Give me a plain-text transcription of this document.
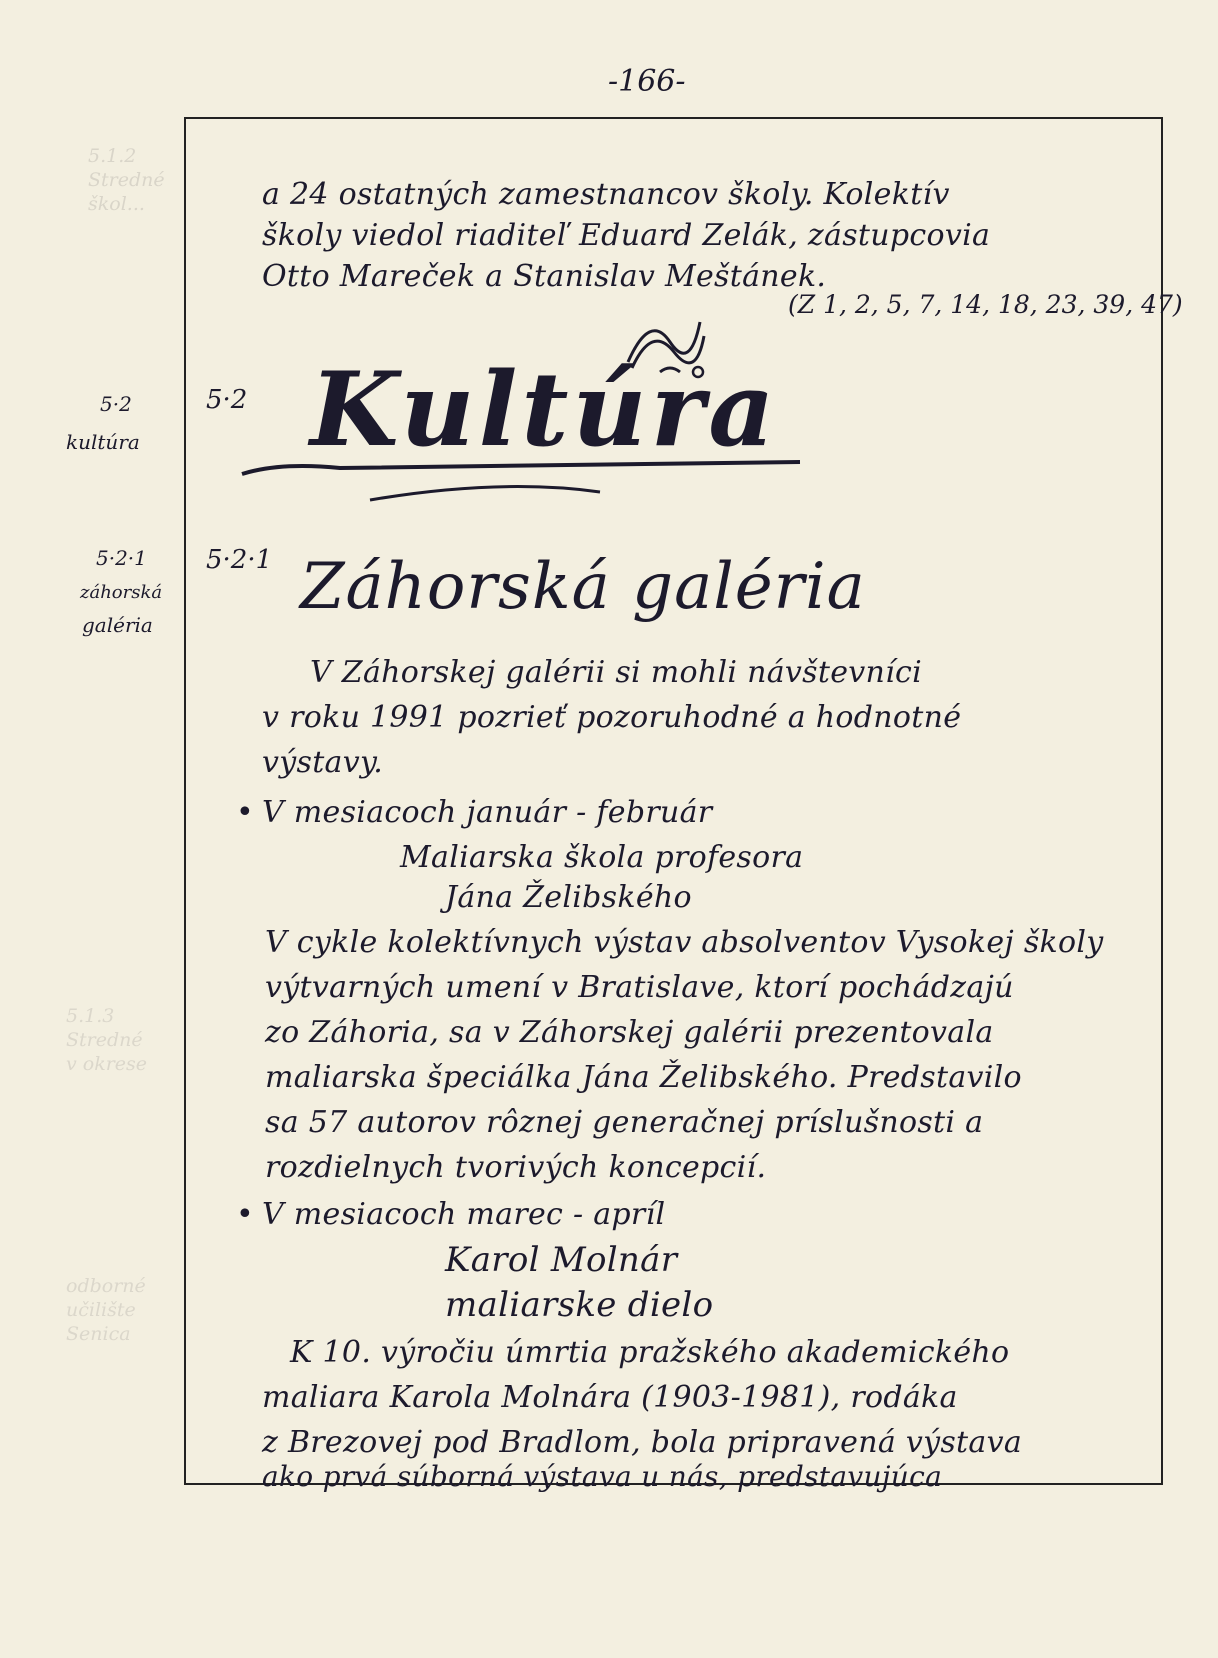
5.1.2
Stredné
škol...
5.1.3
Stredné
v okrese
odborné
učilište
Senica
-166-
5·2
kultúra
5·2·1
záhorská
galéria
a 24 ostatných zamestnancov školy. Kolektív
školy viedol riaditeľ Eduard Zelák, zástupcovia
Otto Mareček a Stanislav Meštánek.
(Z 1, 2, 5, 7, 14, 18, 23, 39, 47)
5·2 Kultúra
5·2·1 Záhorská galéria
V Záhorskej galérii si mohli návštevníci
v roku 1991 pozrieť pozoruhodné a hodnotné
výstavy.
• V mesiacoch január - február
Maliarska škola profesora
Jána Želibského
V cykle kolektívnych výstav absolventov Vysokej školy
výtvarných umení v Bratislave, ktorí pochádzajú
zo Záhoria, sa v Záhorskej galérii prezentovala
maliarska špeciálka Jána Želibského. Predstavilo
sa 57 autorov rôznej generačnej príslušnosti a
rozdielnych tvorivých koncepcií.
• V mesiacoch marec - apríl
Karol Molnár
maliarske dielo
K 10. výročiu úmrtia pražského akademického
maliara Karola Molnára (1903-1981), rodáka
z Brezovej pod Bradlom, bola pripravená výstava
ako prvá súborná výstava u nás, predstavujúca
